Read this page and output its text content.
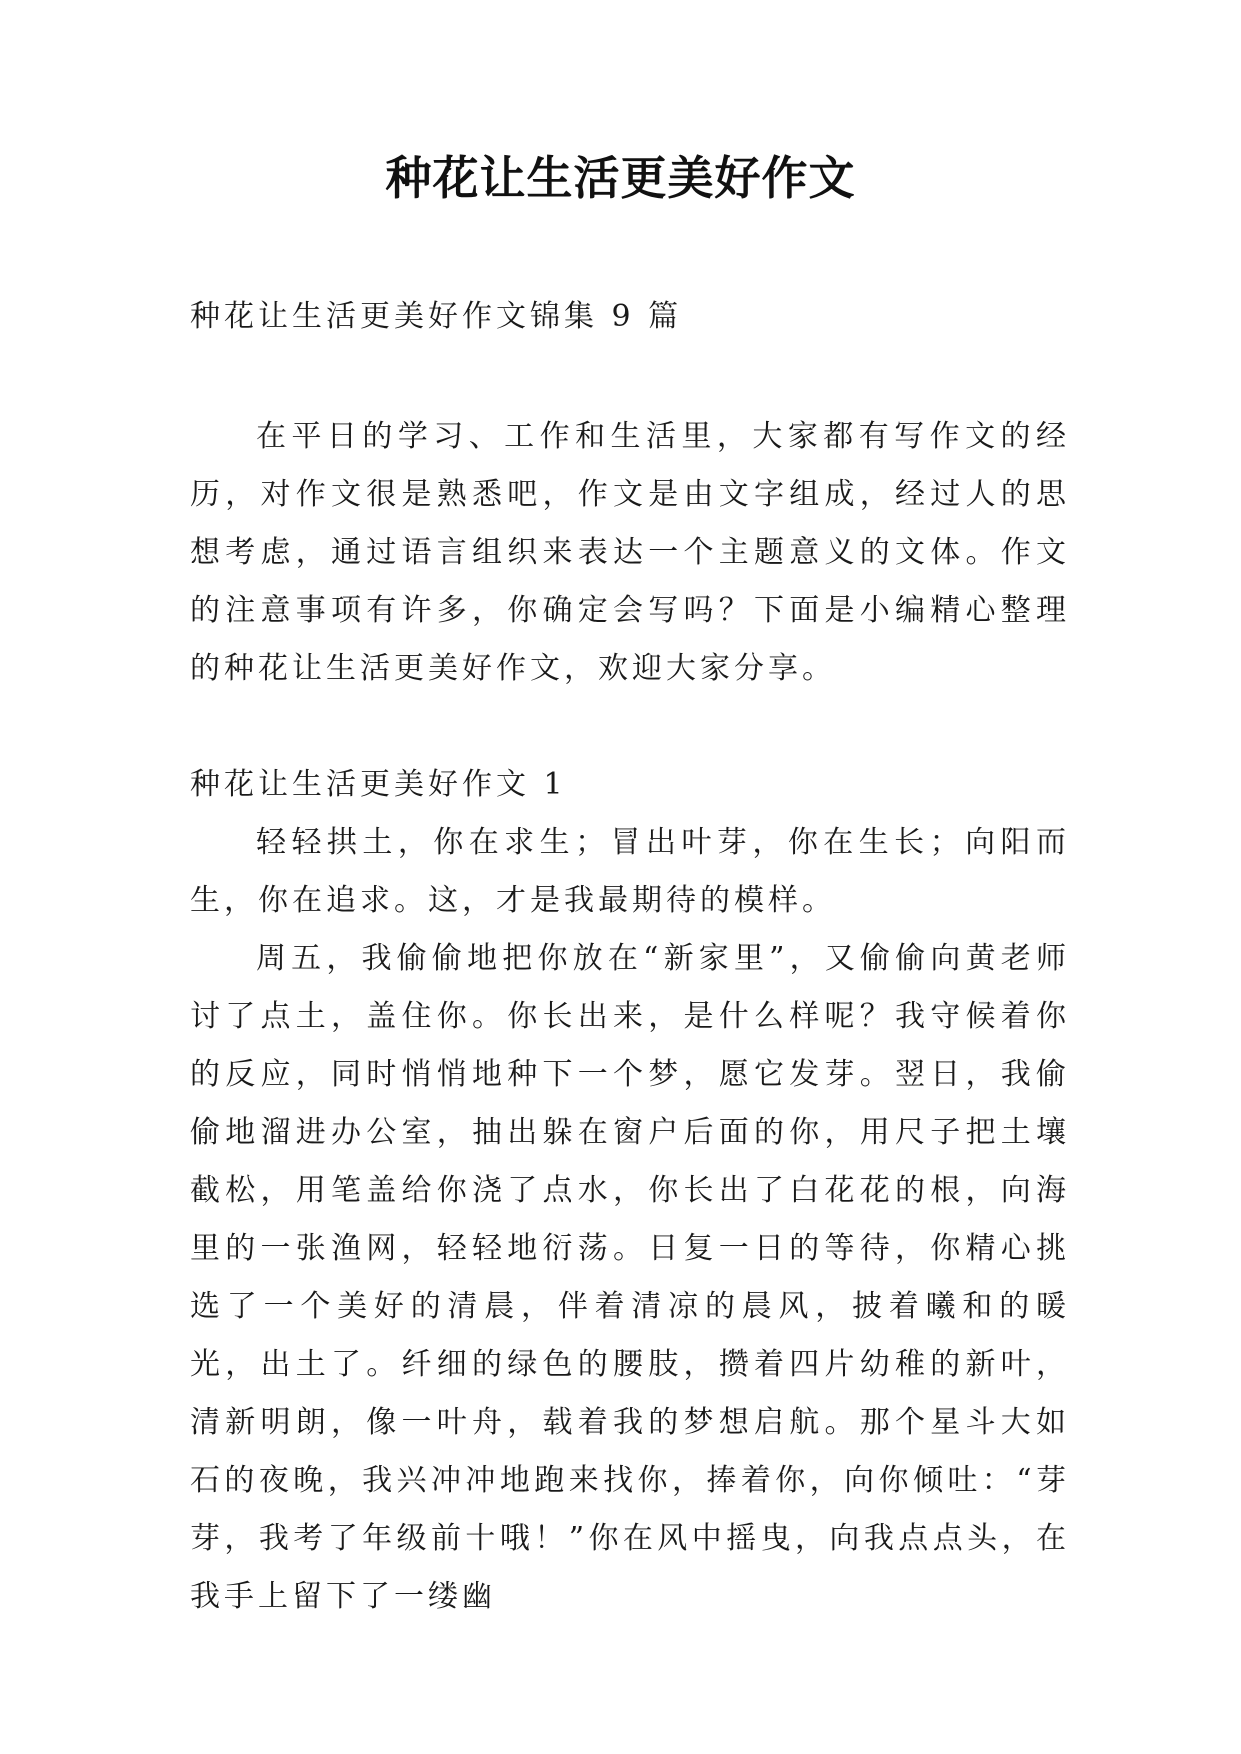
种花让生活更美好作文
种花让生活更美好作文锦集 9 篇
在平日的学习、工作和生活里，大家都有写作文的经历，对作文很是熟悉吧，作文是由文字组成，经过人的思想考虑，通过语言组织来表达一个主题意义的文体。作文的注意事项有许多，你确定会写吗？下面是小编精心整理的种花让生活更美好作文，欢迎大家分享。
种花让生活更美好作文 1
轻轻拱土，你在求生；冒出叶芽，你在生长；向阳而生，你在追求。这，才是我最期待的模样。
周五，我偷偷地把你放在“新家里”，又偷偷向黄老师讨了点土，盖住你。你长出来，是什么样呢？我守候着你的反应，同时悄悄地种下一个梦，愿它发芽。翌日，我偷偷地溜进办公室，抽出躲在窗户后面的你，用尺子把土壤截松，用笔盖给你浇了点水，你长出了白花花的根，向海里的一张渔网，轻轻地衍荡。日复一日的等待，你精心挑选了一个美好的清晨，伴着清凉的晨风，披着曦和的暖光，出土了。纤细的绿色的腰肢，攒着四片幼稚的新叶，清新明朗，像一叶舟，载着我的梦想启航。那个星斗大如石的夜晚，我兴冲冲地跑来找你，捧着你，向你倾吐：“芽芽，我考了年级前十哦！”你在风中摇曳，向我点点头，在我手上留下了一缕幽
